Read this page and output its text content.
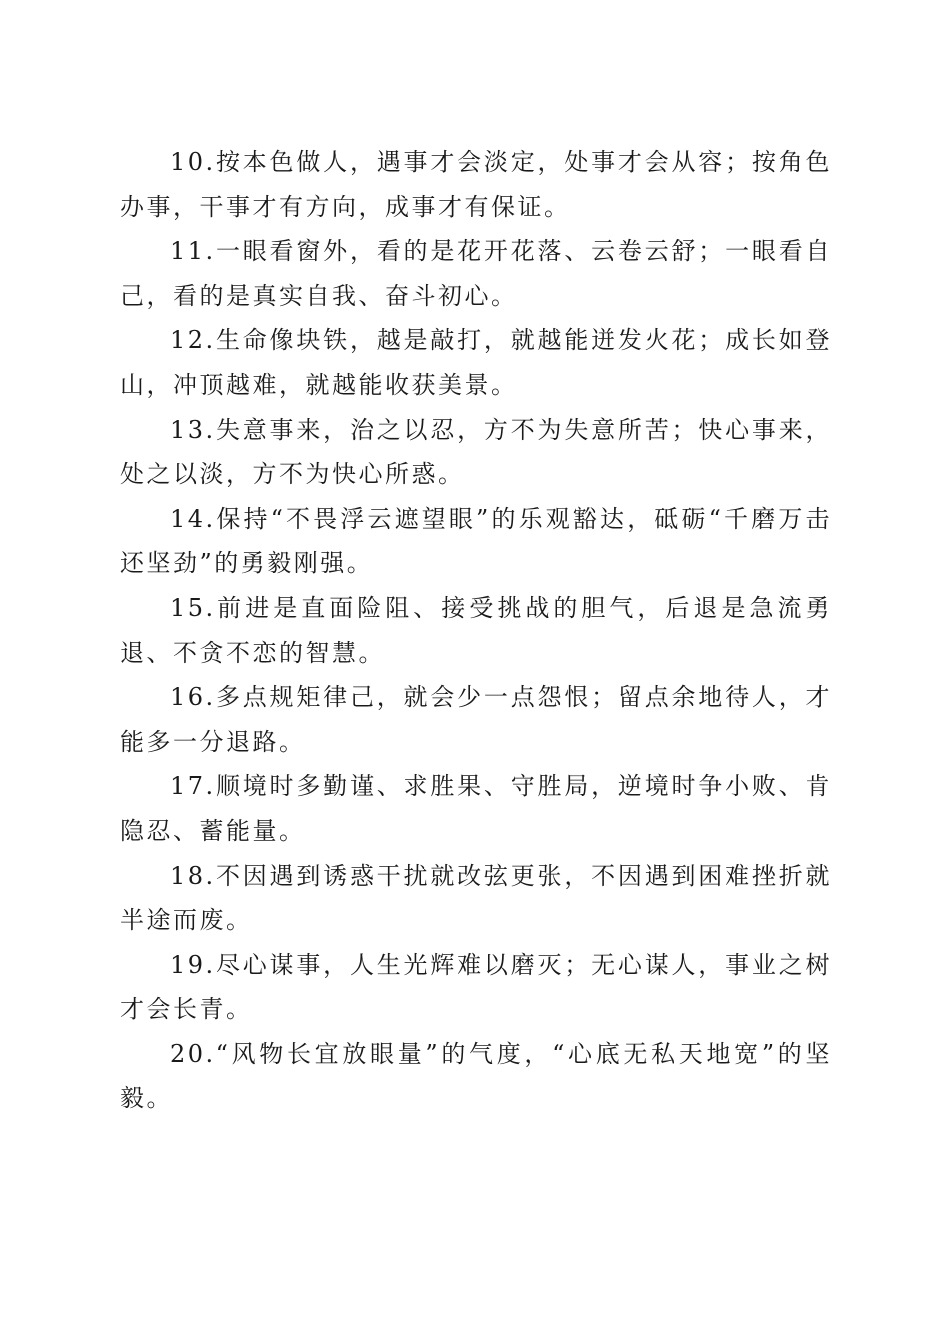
10.按本色做人，遇事才会淡定，处事才会从容；按角色办事，干事才有方向，成事才有保证。

11.一眼看窗外，看的是花开花落、云卷云舒；一眼看自己，看的是真实自我、奋斗初心。

12.生命像块铁，越是敲打，就越能迸发火花；成长如登山，冲顶越难，就越能收获美景。

13.失意事来，治之以忍，方不为失意所苦；快心事来，处之以淡，方不为快心所惑。

14.保持“不畏浮云遮望眼”的乐观豁达，砥砺“千磨万击还坚劲”的勇毅刚强。

15.前进是直面险阻、接受挑战的胆气，后退是急流勇退、不贪不恋的智慧。

16.多点规矩律己，就会少一点怨恨；留点余地待人，才能多一分退路。

17.顺境时多勤谨、求胜果、守胜局，逆境时争小败、肯隐忍、蓄能量。

18.不因遇到诱惑干扰就改弦更张，不因遇到困难挫折就半途而废。

19.尽心谋事，人生光辉难以磨灭；无心谋人，事业之树才会长青。

20.“风物长宜放眼量”的气度，“心底无私天地宽”的坚毅。
